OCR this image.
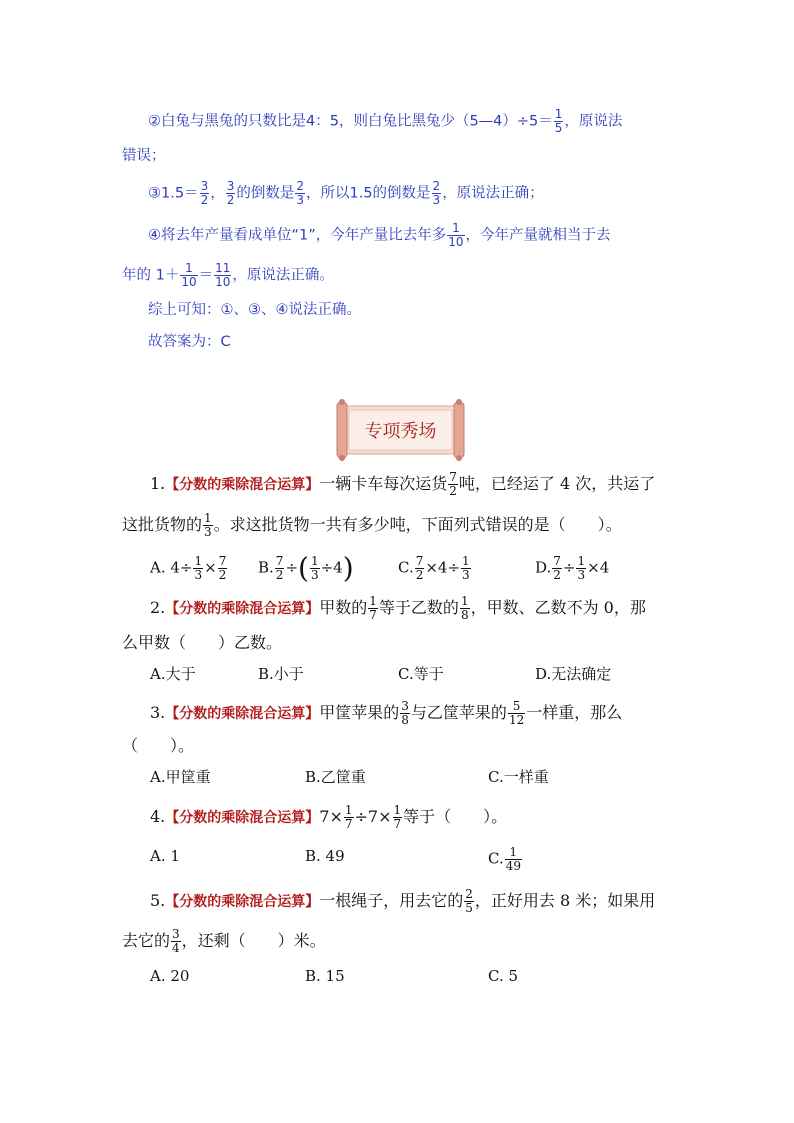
②白兔与黑兔的只数比是4：5，则白兔比黑兔少（5—4）÷5＝ $\frac{1}{5}$ ，原说法
错误；
③1.5＝ $\frac{3}{2}$ ， $\frac{3}{2}$ 的倒数是 $\frac{2}{3}$ ，所以1.5的倒数是 $\frac{2}{3}$ ，原说法正确；
④将去年产量看成单位“1”，今年产量比去年多 $\frac{1}{10}$ ，今年产量就相当于去
年的 $1+ \frac{1}{10} = \frac{11}{10}$ ，原说法正确。
综上可知：①、③、④说法正确。
故答案为：C
专项秀场
1.【分数的乘除混合运算】一辆卡车每次运货 $\frac{7}{2}$ 吨，已经运了 4 次，共运了
这批货物的 $\frac{1}{3}$ 。求这批货物一共有多少吨，下面列式错误的是（　　）。
A. $4\div \frac{1}{3} \times \frac{7}{2} B$. $\frac{7}{2}$ ÷( $\frac{1}{3} \div 4$)	C. $\frac{7}{2} \times 4\div \frac{1}{3}$	D. $\frac{7}{2} \div \frac{1}{3} \times 4$
2.【分数的乘除混合运算】甲数的 $\frac{1}{7}$ 等于乙数的 $\frac{1}{8}$ ，甲数、乙数不为 0，那
么甲数（　　）乙数。
A.大于	B.小于	C.等于	D.无法确定
3.【分数的乘除混合运算】甲筐苹果的 $\frac{3}{8}$ 与乙筐苹果的 $\frac{5}{12}$ 一样重，那么
（　　）。
A.甲筐重	B.乙筐重	C.一样重
4.【分数的乘除混合运算】$7\times \frac{1}{7} \div 7\times \frac{1}{7}$ 等于（　　）。
A. 1	B. 49	C. $\frac{1}{49}$
5.【分数的乘除混合运算】一根绳子，用去它的 $\frac{2}{5}$ ，正好用去 8 米；如果用
去它的 $\frac{3}{4}$ ，还剩（　　）米。
A. 20	B. 15	C. 5
